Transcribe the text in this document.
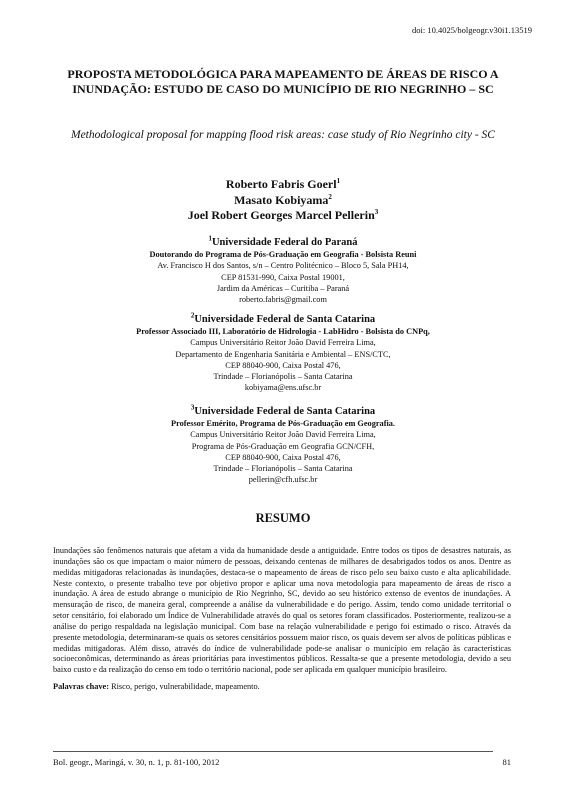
doi: 10.4025/bolgeogr.v30i1.13519
PROPOSTA METODOLÓGICA PARA MAPEAMENTO DE ÁREAS DE RISCO A INUNDAÇÃO: ESTUDO DE CASO DO MUNICÍPIO DE RIO NEGRINHO – SC
Methodological proposal for mapping flood risk areas: case study of Rio Negrinho city - SC
Roberto Fabris Goerl$^1$
Masato Kobiyama$^2$
Joel Robert Georges Marcel Pellerin$^3$
$^1$Universidade Federal do Paraná
Doutorando do Programa de Pós-Graduação em Geografia - Bolsista Reuni
Av. Francisco H dos Santos, s/n – Centro Politécnico – Bloco 5, Sala PH14,
CEP 81531-990, Caixa Postal 19001,
Jardim da Américas – Curitiba – Paraná
roberto.fabris@gmail.com
$^2$Universidade Federal de Santa Catarina
Professor Associado III, Laboratório de Hidrologia - LabHidro - Bolsista do CNPq,
Campus Universitário Reitor João David Ferreira Lima,
Departamento de Engenharia Sanitária e Ambiental – ENS/CTC,
CEP 88040-900, Caixa Postal 476,
Trindade – Florianópolis – Santa Catarina
kobiyama@ens.ufsc.br
$^3$Universidade Federal de Santa Catarina
Professor Emérito, Programa de Pós-Graduação em Geografia.
Campus Universitário Reitor João David Ferreira Lima,
Programa de Pós-Graduação em Geografia GCN/CFH,
CEP 88040-900, Caixa Postal 476,
Trindade – Florianópolis – Santa Catarina
pellerin@cfh.ufsc.br
RESUMO

Inundações são fenômenos naturais que afetam a vida da humanidade desde a antiguidade. Entre todos os tipos de desastres naturais, as inundações são os que impactam o maior número de pessoas, deixando centenas de milhares de desabrigados todos os anos. Dentre as medidas mitigadoras relacionadas às inundações, destaca-se o mapeamento de áreas de risco pelo seu baixo custo e alta aplicabilidade. Neste contexto, o presente trabalho teve por objetivo propor e aplicar uma nova metodologia para mapeamento de áreas de risco a inundação. A área de estudo abrange o município de Rio Negrinho, SC, devido ao seu histórico extenso de eventos de inundações. A mensuração de risco, de maneira geral, compreende a análise da vulnerabilidade e do perigo. Assim, tendo como unidade territorial o setor censitário, foi elaborado um Índice de Vulnerabilidade através do qual os setores foram classificados. Posteriormente, realizou-se a análise do perigo respaldada na legislação municipal. Com base na relação vulnerabilidade e perigo foi estimado o risco. Através da presente metodologia, determinaram-se quais os setores censitários possuem maior risco, os quais devem ser alvos de políticas públicas e medidas mitigadoras. Além disso, através do índice de vulnerabilidade pode-se analisar o município em relação às características socioeconômicas, determinando as áreas prioritárias para investimentos públicos. Ressalta-se que a presente metodologia, devido a seu baixo custo e da realização do censo em todo o território nacional, pode ser aplicada em qualquer município brasileiro.

Palavras chave: Risco, perigo, vulnerabilidade, mapeamento.
Bol. geogr., Maringá, v. 30, n. 1, p. 81-100, 2012	81
